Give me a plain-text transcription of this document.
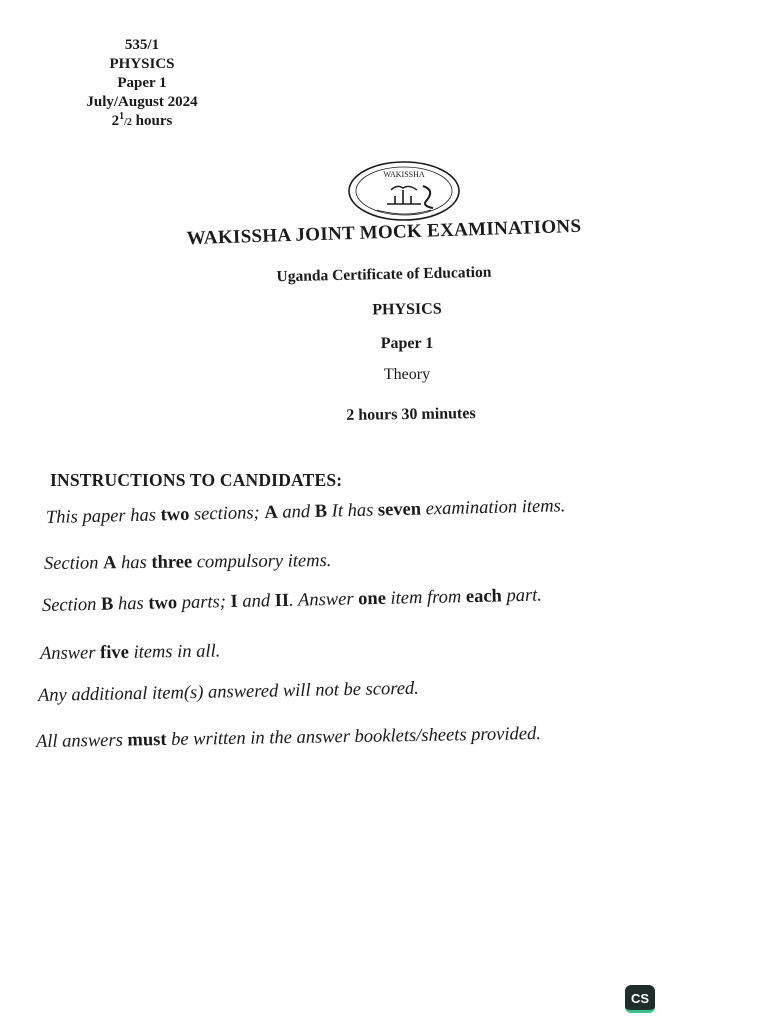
535/1
PHYSICS
Paper 1
July/August 2024
$2^1/2$ hours
WAKISSHA
WAKISSHA JOINT MOCK EXAMINATIONS
Uganda Certificate of Education
PHYSICS
Paper 1
Theory
2 hours 30 minutes
INSTRUCTIONS TO CANDIDATES:
This paper has two sections; A and B It has seven examination items.
Section A has three compulsory items.
Section B has two parts; I and II. Answer one item from each part.
Answer five items in all.
Any additional item(s) answered will not be scored.
All answers must be written in the answer booklets/sheets provided.
CS
